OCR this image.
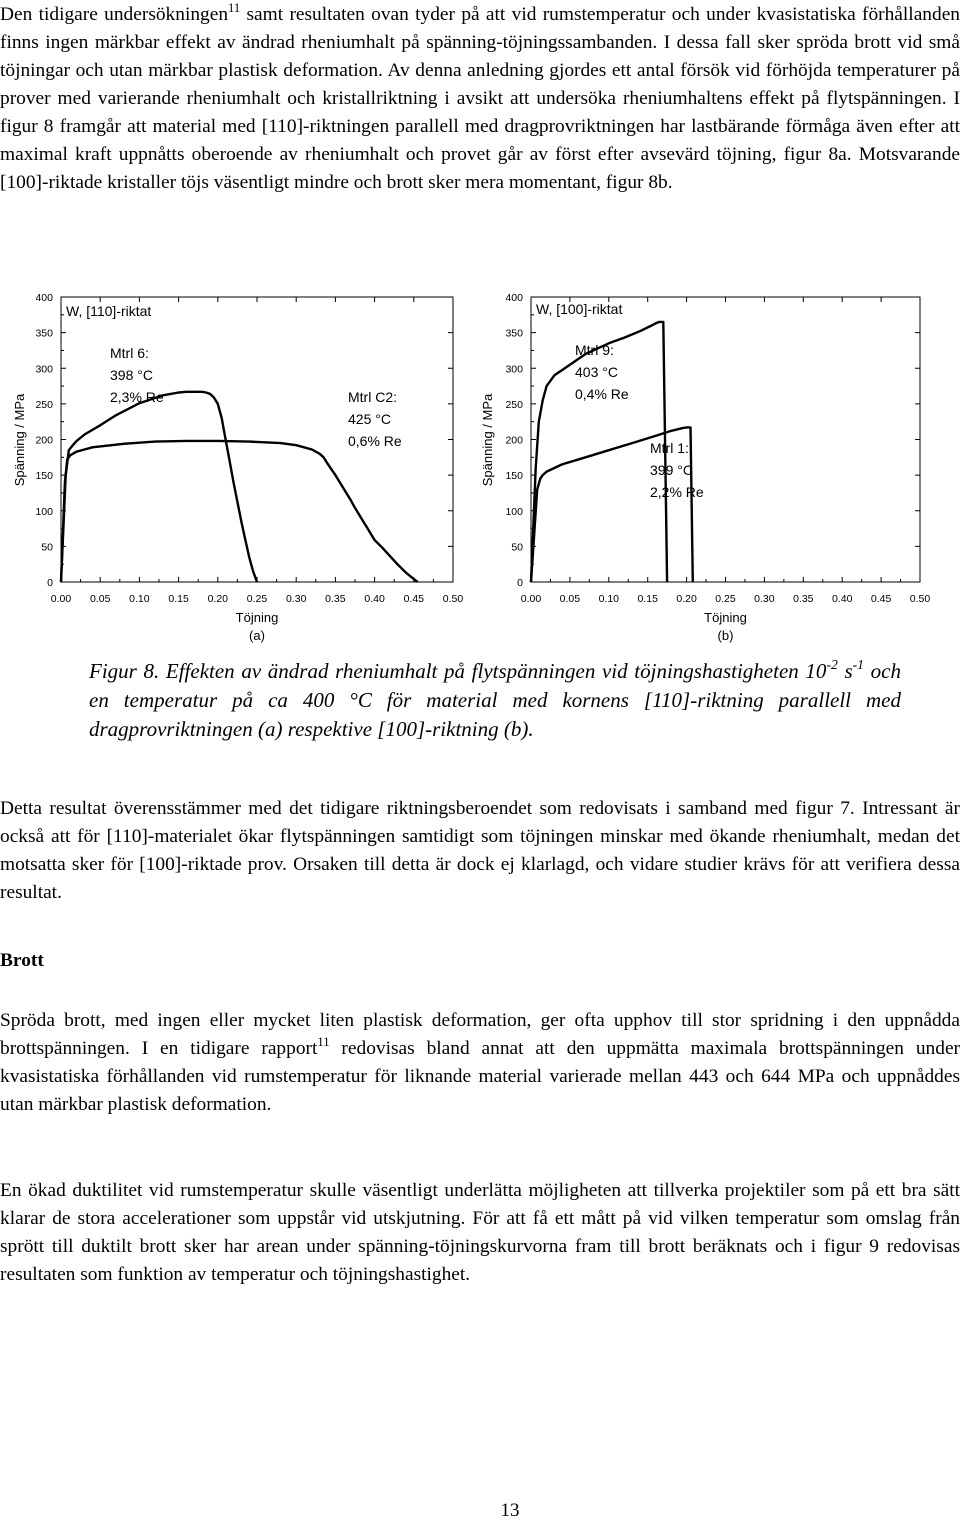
Den tidigare undersökningen$^{11}$ samt resultaten ovan tyder på att vid rumstemperatur och under kvasistatiska förhållanden finns ingen märkbar effekt av ändrad rheniumhalt på spänning-töjningssambanden. I dessa fall sker spröda brott vid små töjningar och utan märkbar plastisk deformation. Av denna anledning gjordes ett antal försök vid förhöjda temperaturer på prover med varierande rheniumhalt och kristallriktning i avsikt att undersöka rheniumhaltens effekt på flytspänningen. I figur 8 framgår att material med [110]-riktningen parallell med dragprovriktningen har lastbärande förmåga även efter att maximal kraft uppnåtts oberoende av rheniumhalt och provet går av först efter avsevärd töjning, figur 8a. Motsvarande [100]-riktade kristaller töjs väsentligt mindre och brott sker mera momentant, figur 8b.
0
50
100
150
200
250
300
350
400
0.00 0.05 0.10 0.15 0.20 0.25 0.30 0.35 0.40 0.45 0.50
Töjning
(a)
Spänning / MPa
W, [110]-riktat
Mtrl 6: 398 °C 2,3% Re	Mtrl C2: 425 °C 0,6% Re
0
50
100
150
200
250
300
350
400
0.00 0.05 0.10 0.15 0.20 0.25 0.30 0.35 0.40 0.45 0.50
Töjning
(b)
Spänning / MPa
W, [100]-riktat
Mtrl 9: 403 °C 0,4% Re
Mtrl 1: 399 °C 2,2% Re
Figur 8. Effekten av ändrad rheniumhalt på flytspänningen vid töjningshastigheten $10^{-2}$ $s^{-1}$ och en temperatur på ca 400 °C för material med kornens [110]-riktning parallell med dragprovriktningen (a) respektive [100]-riktning (b).
Detta resultat överensstämmer med det tidigare riktningsberoendet som redovisats i samband med figur 7. Intressant är också att för [110]-materialet ökar flytspänningen samtidigt som töjningen minskar med ökande rheniumhalt, medan det motsatta sker för [100]-riktade prov. Orsaken till detta är dock ej klarlagd, och vidare studier krävs för att verifiera dessa resultat.
Brott
Spröda brott, med ingen eller mycket liten plastisk deformation, ger ofta upphov till stor spridning i den uppnådda brottspänningen. I en tidigare rapport$^{11}$ redovisas bland annat att den uppmätta maximala brottspänningen under kvasistatiska förhållanden vid rumstemperatur för liknande material varierade mellan 443 och 644 MPa och uppnåddes utan märkbar plastisk deformation.
En ökad duktilitet vid rumstemperatur skulle väsentligt underlätta möjligheten att tillverka projektiler som på ett bra sätt klarar de stora accelerationer som uppstår vid utskjutning. För att få ett mått på vid vilken temperatur som omslag från sprött till duktilt brott sker har arean under spänning-töjningskurvorna fram till brott beräknats och i figur 9 redovisas resultaten som funktion av temperatur och töjningshastighet.
13
